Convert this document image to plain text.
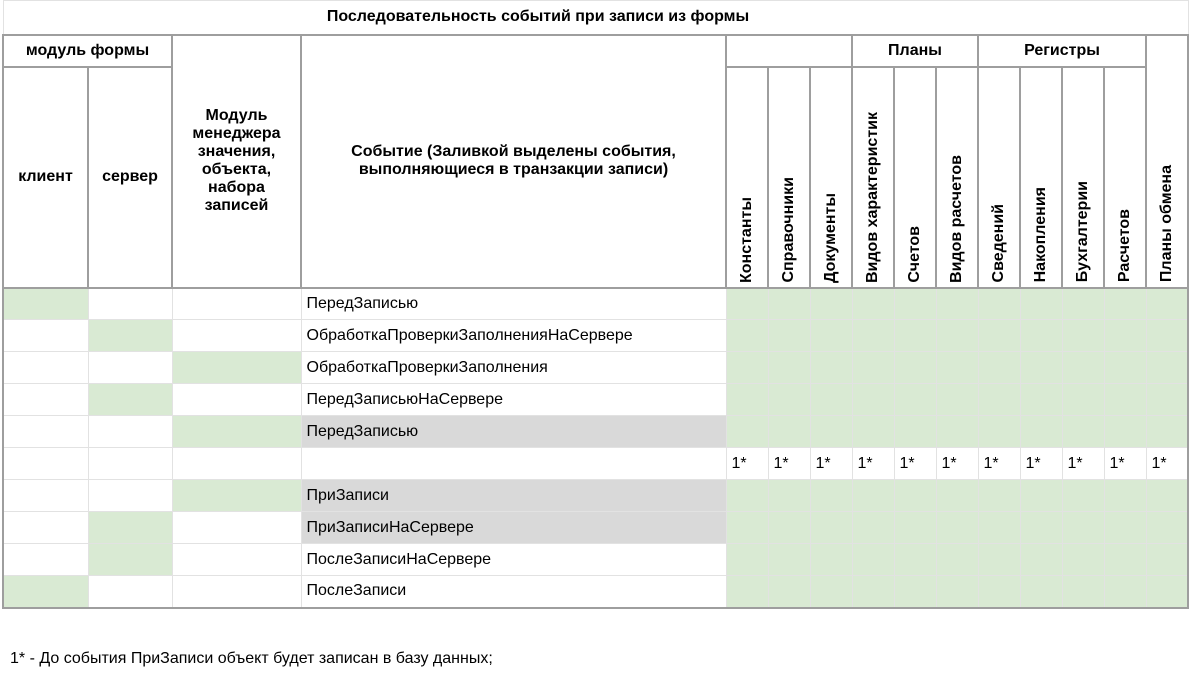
Последовательность событий при записи из формы														
модуль формы		Модуль менеджера значения, объекта, набора записей	Событие (Заливкой выделены события, выполняющиеся в транзакции записи)				Планы			Регистры				Планы обмена

клиент	сервер			Константы	Справочники	Документы	Видов характеристик	Счетов	Видов расчетов	Сведений	Накопления	Бухгалтерии	Расчетов	

			ПередЗаписью											
			ОбработкаПроверкиЗаполненияНаСервере											
			ОбработкаПроверкиЗаполнения											
			ПередЗаписьюНаСервере											
			ПередЗаписью											
				1*	1*	1*	1*	1*	1*	1*	1*	1*	1*	1*
			ПриЗаписи											
			ПриЗаписиНаСервере											
			ПослеЗаписиНаСервере											
			ПослеЗаписи											
1* - До события ПриЗаписи объект будет записан в базу данных;
